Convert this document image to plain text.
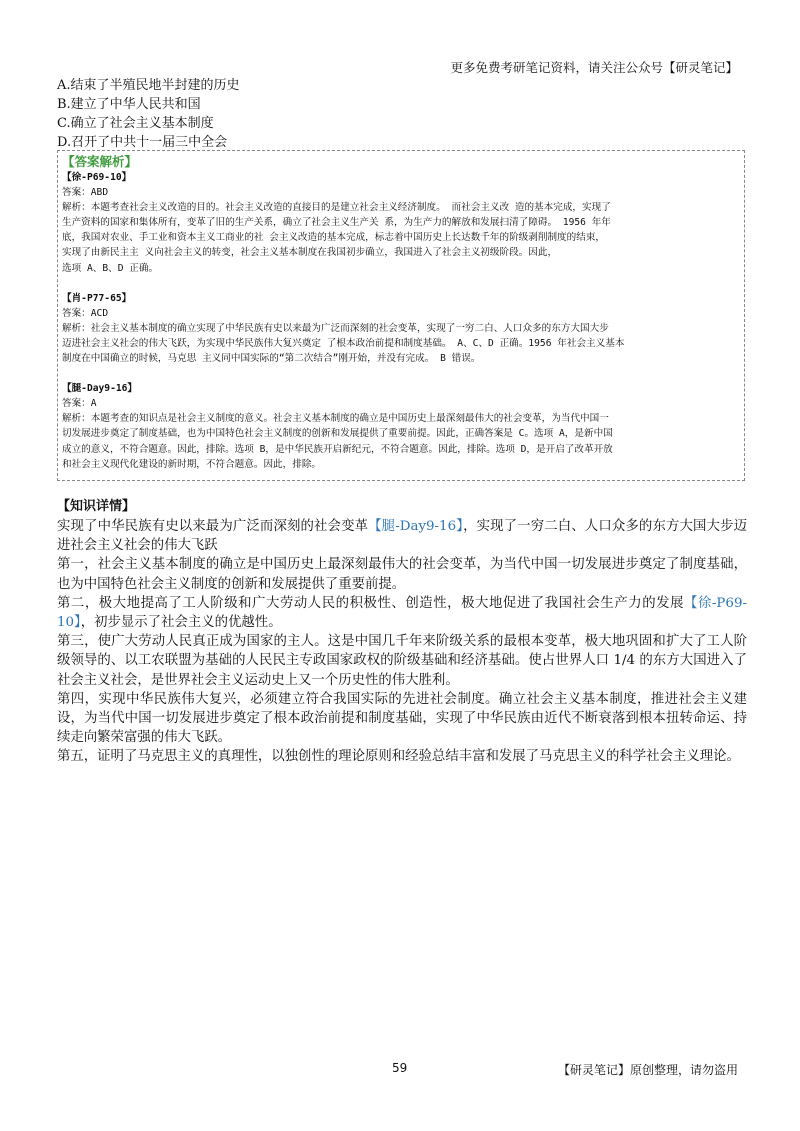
更多免费考研笔记资料，请关注公众号【研灵笔记】
A.结束了半殖民地半封建的历史
B.建立了中华人民共和国
C.确立了社会主义基本制度
D.召开了中共十一届三中全会
【答案解析】
【徐-P69-10】
答案：ABD
解析：本题考查社会主义改造的目的。社会主义改造的直接目的是建立社会主义经济制度。 而社会主义改 造的基本完成，实现了
生产资料的国家和集体所有，变革了旧的生产关系，确立了社会主义生产关 系，为生产力的解放和发展扫清了障碍。 1956 年年
底，我国对农业、手工业和资本主义工商业的社 会主义改造的基本完成，标志着中国历史上长达数千年的阶级剥削制度的结束，
实现了由新民主主 义向社会主义的转变，社会主义基本制度在我国初步确立，我国进入了社会主义初级阶段。因此，
选项 A、B、D 正确。
【肖-P77-65】
答案：ACD
解析：社会主义基本制度的确立实现了中华民族有史以来最为广泛而深刻的社会变革，实现了一穷二白、人口众多的东方大国大步
迈进社会主义社会的伟大飞跃，为实现中华民族伟大复兴奠定 了根本政治前提和制度基础。 A、C、D 正确。1956 年社会主义基本
制度在中国确立的时候，马克思 主义同中国实际的“第二次结合”刚开始，并没有完成。 B 错误。
【腿-Day9-16】
答案：A
解析：本题考查的知识点是社会主义制度的意义。社会主义基本制度的确立是中国历史上最深刻最伟大的社会变革，为当代中国一
切发展进步奠定了制度基础，也为中国特色社会主义制度的创新和发展提供了重要前提。因此，正确答案是 C。选项 A，是新中国
成立的意义，不符合题意。因此，排除。选项 B，是中华民族开启新纪元，不符合题意。因此，排除。选项 D，是开启了改革开放
和社会主义现代化建设的新时期，不符合题意。因此，排除。
【知识详情】
实现了中华民族有史以来最为广泛而深刻的社会变革【腿-Day9-16】，实现了一穷二白、人口众多的东方大国大步迈进社会主义社会的伟大飞跃
第一，社会主义基本制度的确立是中国历史上最深刻最伟大的社会变革，为当代中国一切发展进步奠定了制度基础，也为中国特色社会主义制度的创新和发展提供了重要前提。
第二，极大地提高了工人阶级和广大劳动人民的积极性、创造性，极大地促进了我国社会生产力的发展【徐-P69-10】，初步显示了社会主义的优越性。
第三，使广大劳动人民真正成为国家的主人。这是中国几千年来阶级关系的最根本变革，极大地巩固和扩大了工人阶级领导的、以工农联盟为基础的人民民主专政国家政权的阶级基础和经济基础。使占世界人口 1/4 的东方大国进入了社会主义社会，是世界社会主义运动史上又一个历史性的伟大胜利。
第四，实现中华民族伟大复兴，必须建立符合我国实际的先进社会制度。确立社会主义基本制度，推进社会主义建设，为当代中国一切发展进步奠定了根本政治前提和制度基础，实现了中华民族由近代不断衰落到根本扭转命运、持续走向繁荣富强的伟大飞跃。
第五，证明了马克思主义的真理性，以独创性的理论原则和经验总结丰富和发展了马克思主义的科学社会主义理论。
59	【研灵笔记】原创整理，请勿盗用
